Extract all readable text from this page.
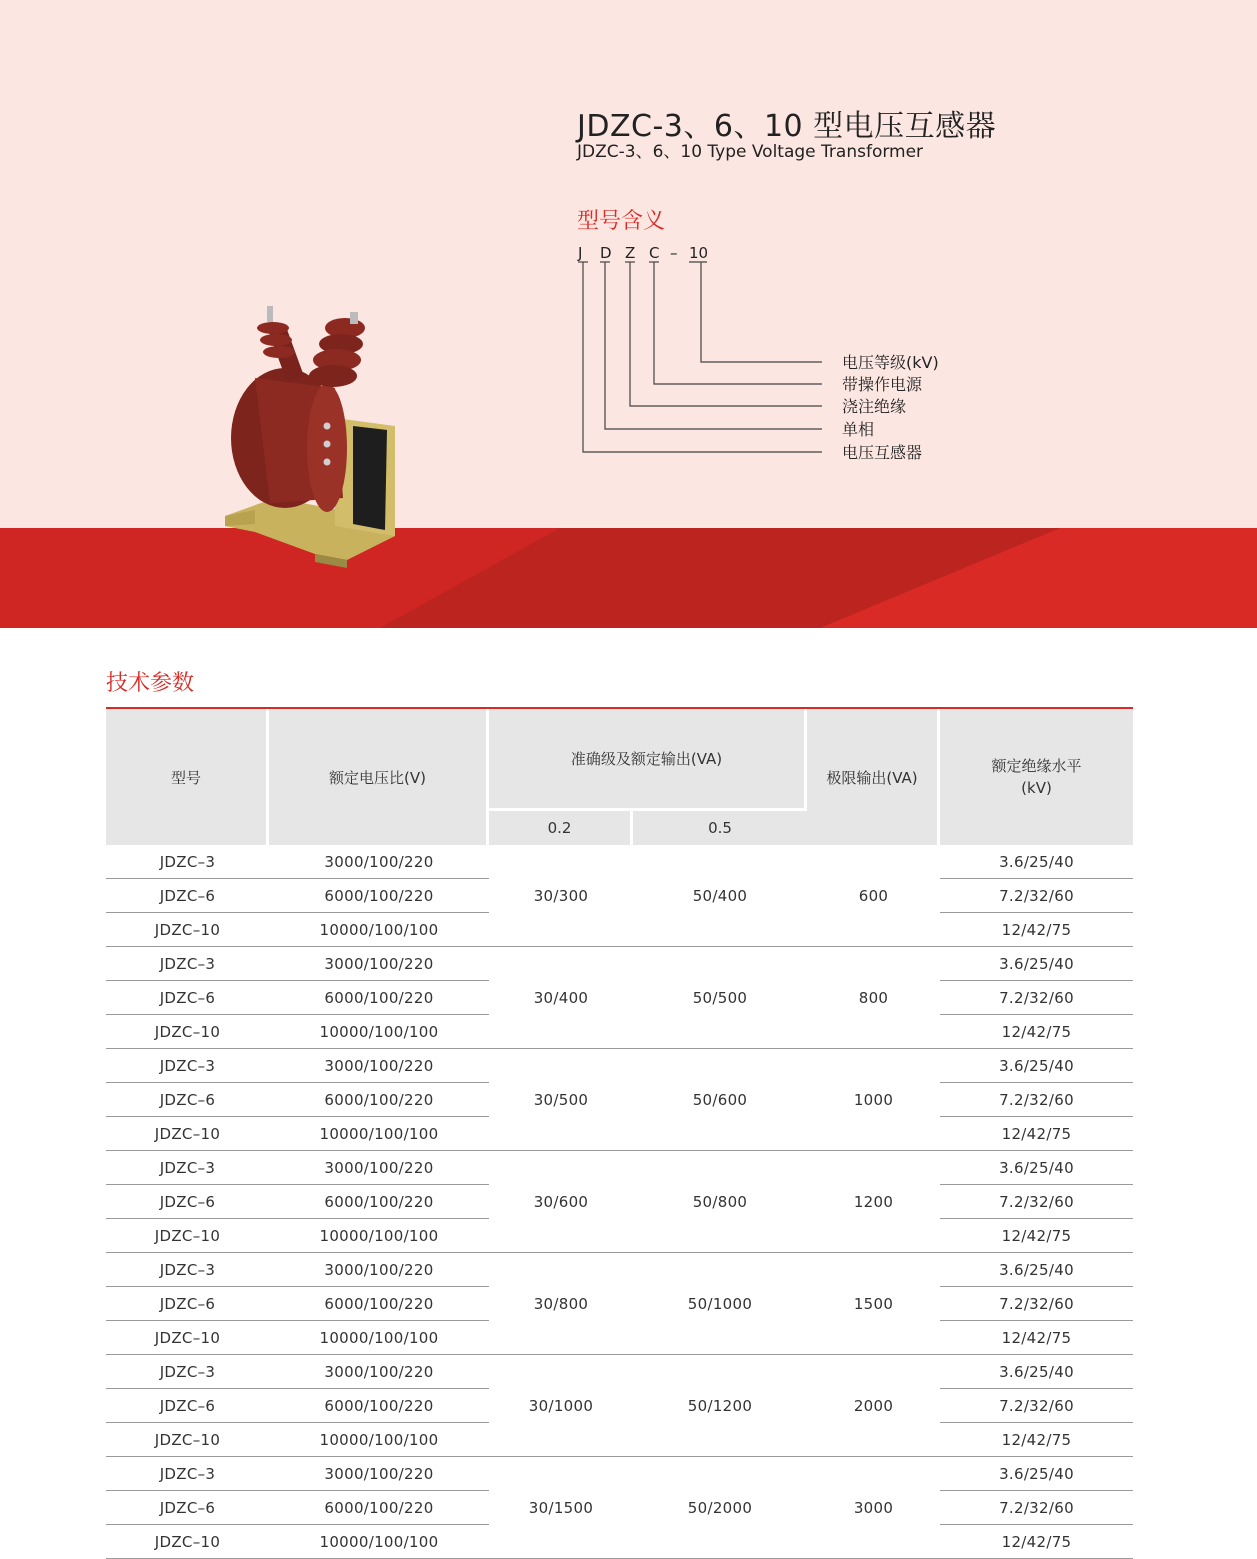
JDZC-3、6、10 型电压互感器
JDZC-3、6、10 Type Voltage Transformer
型号含义
J D Z C – 10
电压等级(kV)
带操作电源
浇注绝缘
单相
电压互感器
技术参数
型号	额定电压比(V)	准确级及额定输出(VA)		极限输出(VA)	额定绝缘水平(kV)
		0.2	0.5		
JDZC–3	3000/100/220	30/300	50/400	600	3.6/25/40
JDZC–6	6000/100/220				7.2/32/60
JDZC–10	10000/100/100				12/42/75
JDZC–3	3000/100/220	30/400	50/500	800	3.6/25/40
JDZC–6	6000/100/220				7.2/32/60
JDZC–10	10000/100/100				12/42/75
JDZC–3	3000/100/220	30/500	50/600	1000	3.6/25/40
JDZC–6	6000/100/220				7.2/32/60
JDZC–10	10000/100/100				12/42/75
JDZC–3	3000/100/220	30/600	50/800	1200	3.6/25/40
JDZC–6	6000/100/220				7.2/32/60
JDZC–10	10000/100/100				12/42/75
JDZC–3	3000/100/220	30/800	50/1000	1500	3.6/25/40
JDZC–6	6000/100/220				7.2/32/60
JDZC–10	10000/100/100				12/42/75
JDZC–3	3000/100/220	30/1000	50/1200	2000	3.6/25/40
JDZC–6	6000/100/220				7.2/32/60
JDZC–10	10000/100/100				12/42/75
JDZC–3	3000/100/220	30/1500	50/2000	3000	3.6/25/40
JDZC–6	6000/100/220				7.2/32/60
JDZC–10	10000/100/100				12/42/75
